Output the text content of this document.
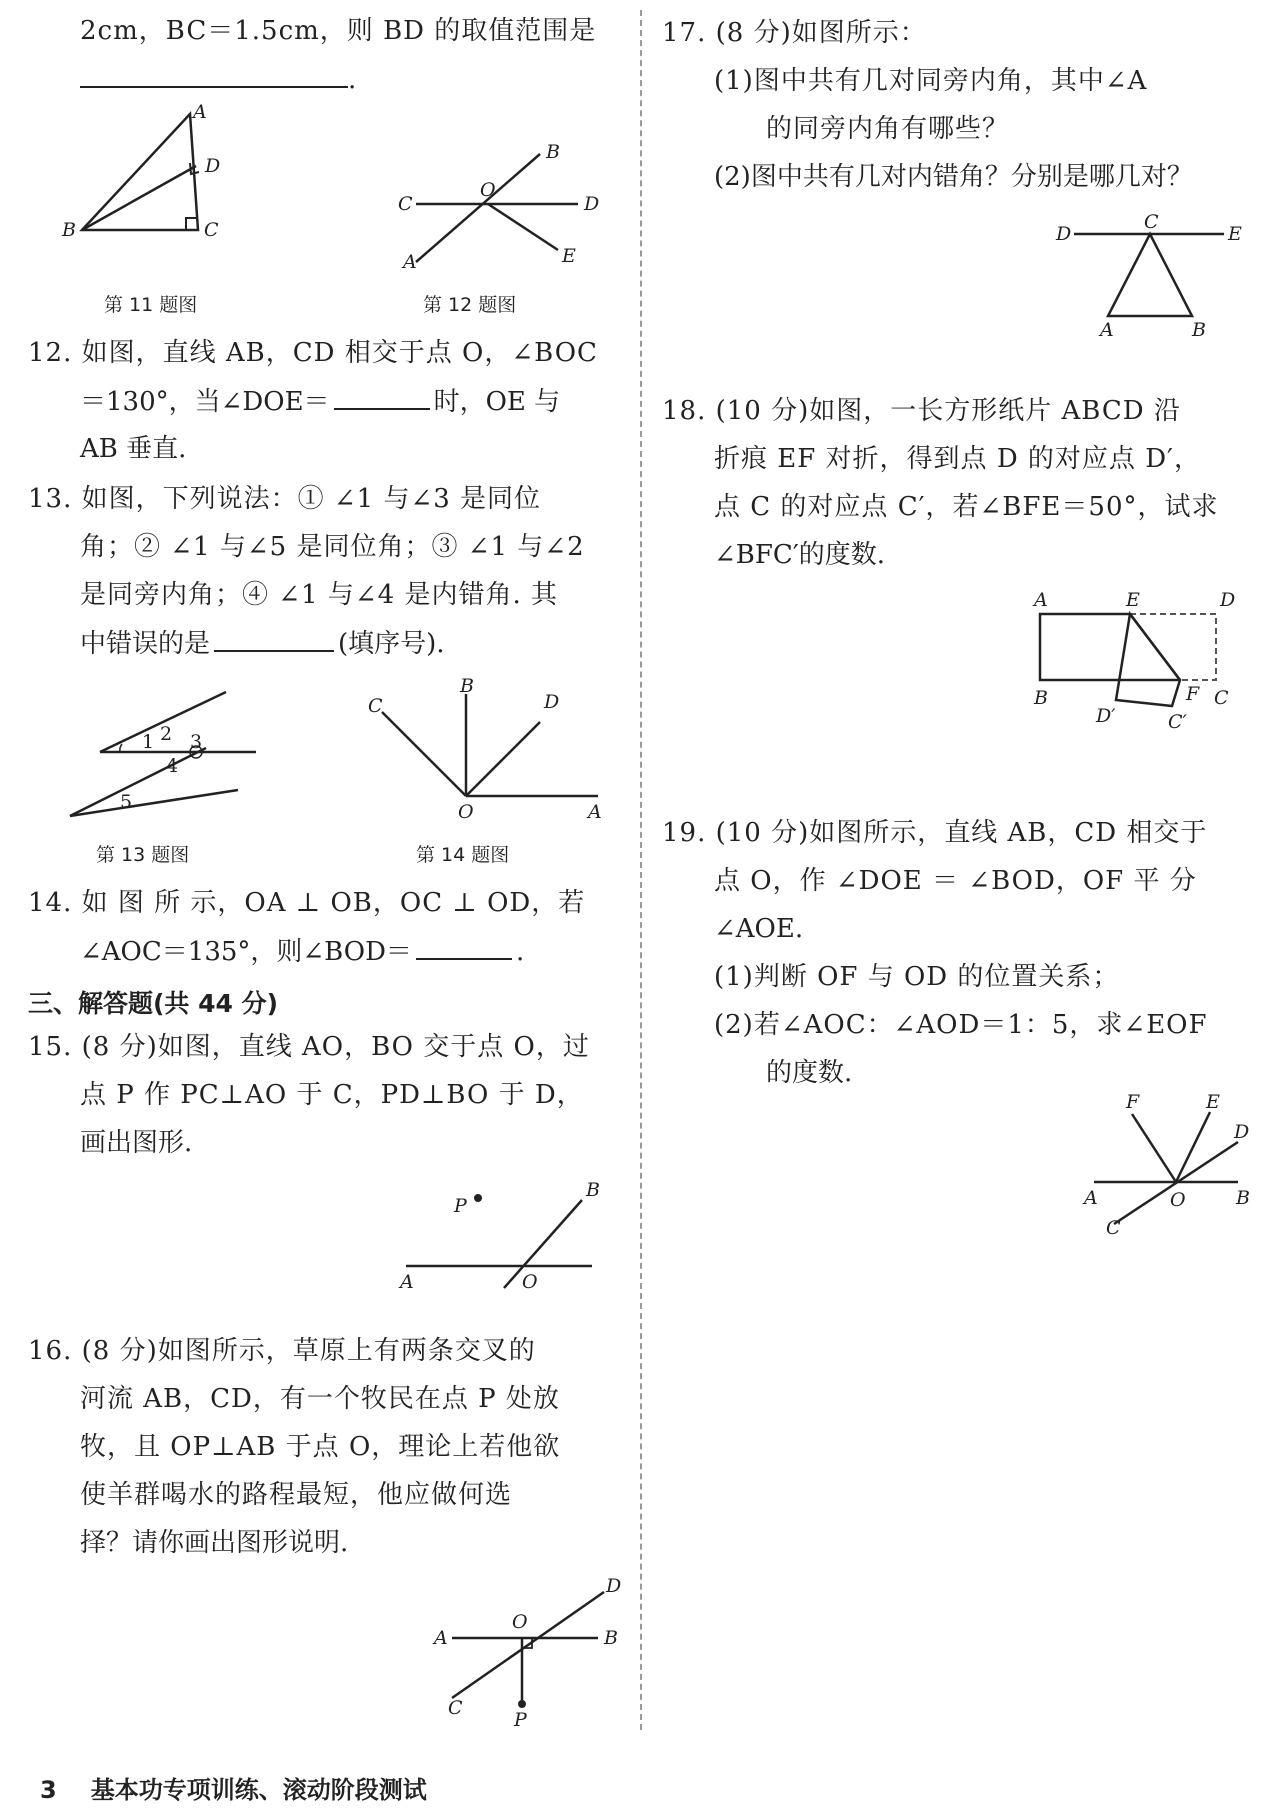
2cm，BC＝1.5cm，则 BD 的取值范围是
.
A
B	C
D
第 11 题图
C	D
B
A	E
O
第 12 题图
12. 如图，直线 AB，CD 相交于点 O，∠BOC
＝130°，当∠DOE＝	时，OE 与
AB 垂直.
13. 如图，下列说法：① ∠1 与∠3 是同位
角；② ∠1 与∠5 是同位角；③ ∠1 与∠2
是同旁内角；④ ∠1 与∠4 是内错角. 其
中错误的是	(填序号).
1 2 3
4
5
第 13 题图
B
C	D
A
O
第 14 题图
14. 如 图 所 示，OA ⊥ OB，OC ⊥ OD，若
∠AOC＝135°，则∠BOD＝	.
三、解答题(共 44 分)
15. (8 分)如图，直线 AO，BO 交于点 O，过
点 P 作 PC⊥AO 于 C，PD⊥BO 于 D，
画出图形.
P
B
A	O
16. (8 分)如图所示，草原上有两条交叉的
河流 AB，CD，有一个牧民在点 P 处放
牧，且 OP⊥AB 于点 O，理论上若他欲
使羊群喝水的路程最短，他应做何选
择？请你画出图形说明.
D
A	B
O
C
P
17. (8 分)如图所示：
(1)图中共有几对同旁内角，其中∠A
的同旁内角有哪些？
(2)图中共有几对内错角？分别是哪几对？
D	E
C
A	B
18. (10 分)如图，一长方形纸片 ABCD 沿
折痕 EF 对折，得到点 D 的对应点 D′，
点 C 的对应点 C′，若∠BFE＝50°，试求
∠BFC′的度数.
A	E	D
B	F C
D′	C′
19. (10 分)如图所示，直线 AB，CD 相交于
点 O，作 ∠DOE ＝ ∠BOD，OF 平 分
∠AOE.
(1)判断 OF 与 OD 的位置关系；
(2)若∠AOC：∠AOD＝1：5，求∠EOF
的度数.
F	E
D
A	O	B
C
3 基本功专项训练、滚动阶段测试
